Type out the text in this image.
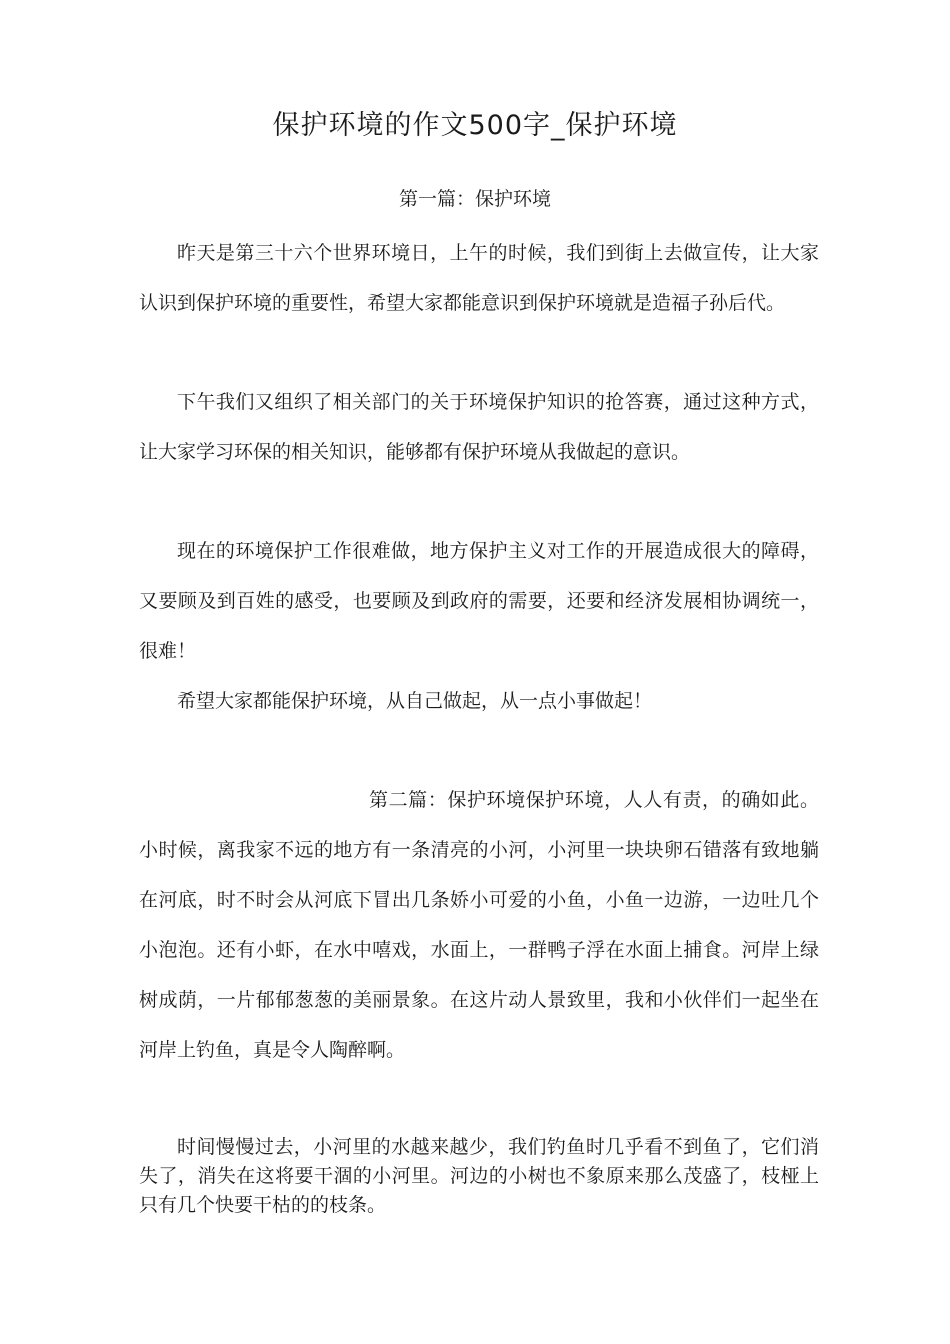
保护环境的作文500字_保护环境
第一篇：保护环境

昨天是第三十六个世界环境日，上午的时候，我们到街上去做宣传，让大家认识到保护环境的重要性，希望大家都能意识到保护环境就是造福子孙后代。

下午我们又组织了相关部门的关于环境保护知识的抢答赛，通过这种方式，让大家学习环保的相关知识，能够都有保护环境从我做起的意识。

现在的环境保护工作很难做，地方保护主义对工作的开展造成很大的障碍，又要顾及到百姓的感受，也要顾及到政府的需要，还要和经济发展相协调统一，很难！

希望大家都能保护环境，从自己做起，从一点小事做起！

第二篇：保护环境保护环境，人人有责，的确如此。小时候，离我家不远的地方有一条清亮的小河，小河里一块块卵石错落有致地躺在河底，时不时会从河底下冒出几条娇小可爱的小鱼，小鱼一边游，一边吐几个小泡泡。还有小虾，在水中嘻戏，水面上，一群鸭子浮在水面上捕食。河岸上绿树成荫，一片郁郁葱葱的美丽景象。在这片动人景致里，我和小伙伴们一起坐在河岸上钓鱼，真是令人陶醉啊。

时间慢慢过去，小河里的水越来越少，我们钓鱼时几乎看不到鱼了，它们消失了，消失在这将要干涸的小河里。河边的小树也不象原来那么茂盛了，枝桠上只有几个快要干枯的的枝条。
